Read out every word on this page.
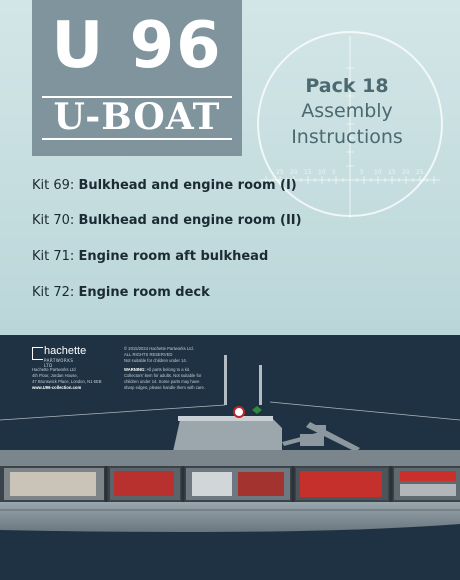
U 96
U-BOAT
25 20 15 10 5	5 10 15 20 25
Pack 18
Assembly
Instructions
Kit 69: Bulkhead and engine room (I)
Kit 70: Bulkhead and engine room (II)
Kit 71: Engine room aft bulkhead
Kit 72: Engine room deck
hachette
PARTWORKS LTD
Hachette Partworks Ltd
4th Floor, Jordan House,
47 Brunswick Place, London, N1 6EB
www.U96-collection.com
© 2015/2024 Hachette Partworks Ltd.
ALL RIGHTS RESERVED
Not suitable for children under 14.
WARNING: All parts belong to a kit.
Collectors' item for adults. Not suitable for
children under 14. Some parts may have
sharp edges, please handle them with care.
